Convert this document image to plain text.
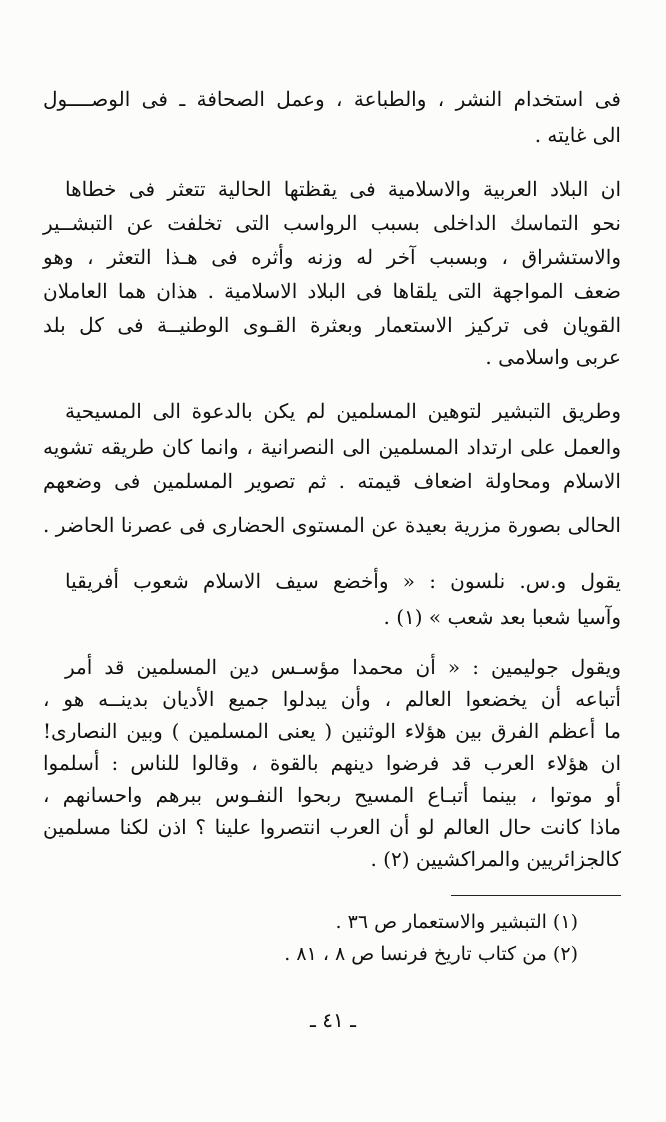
فى استخدام النشر ، والطباعة ، وعمل الصحافة ـ فى الوصــــول
الى غايته .
ان البلاد العربية والاسلامية فى يقظتها الحالية تتعثر فى خطاها
نحو التماسك الداخلى بسبب الرواسب التى تخلفت عن التبشــير
والاستشراق ، وبسبب آخر له وزنه وأثره فى هـذا التعثر ، وهو
ضعف المواجهة التى يلقاها فى البلاد الاسلامية . هذان هما العاملان
القويان فى تركيز الاستعمار وبعثرة القـوى الوطنيــة فى كل بلد
عربى واسلامى .
وطريق التبشير لتوهين المسلمين لم يكن بالدعوة الى المسيحية
والعمل على ارتداد المسلمين الى النصرانية ، وانما كان طريقه تشويه
الاسلام ومحاولة اضعاف قيمته . ثم تصوير المسلمين فى وضعهم
الحالى بصورة مزرية بعيدة عن المستوى الحضارى فى عصرنا الحاضر .
يقول و.س. نلسون : « وأخضع سيف الاسلام شعوب أفريقيا
وآسيا شعبا بعد شعب » (١) .
ويقول جوليمين : « أن محمدا مؤسـس دين المسلمين قد أمر
أتباعه أن يخضعوا العالم ، وأن يبدلوا جميع الأديان بدينــه هو ،
ما أعظم الفرق بين هؤلاء الوثنين ( يعنى المسلمين ) وبين النصارى!
ان هؤلاء العرب قد فرضوا دينهم بالقوة ، وقالوا للناس : أسلموا
أو موتوا ، بينما أتبـاع المسيح ربحوا النفـوس ببرهم واحسانهم ،
ماذا كانت حال العالم لو أن العرب انتصروا علينا ؟ اذن لكنا مسلمين
كالجزائريين والمراكشيين (٢) .
(١) التبشير والاستعمار ص ٣٦ .
(٢) من كتاب تاريخ فرنسا ص ٨ ، ٨١ .
ـ ٤١ ـ
